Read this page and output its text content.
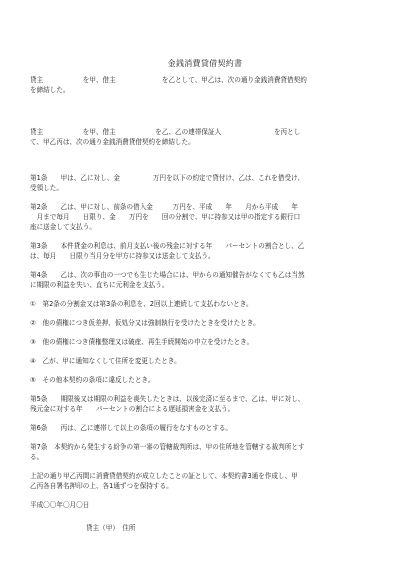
金銭消費貸借契約書
貸主　　　　　　を甲、借主　　　　　　　を乙として、甲乙は、次の通り金銭消費貸借契約
を締結した。
貸主　　　　　　を甲、借主　　　　　　を乙、乙の連帯保証人　　　　　　　　を丙とし
て、甲乙丙は、次の通り金銭消費貸借契約を締結した。
第1条　　甲は、乙に対し、金　　　　　万円を以下の約定で貸付け、乙は、これを借受け、
受領した。
第2条　　乙は、甲に対し、前条の借入金　　　万円を、平成　　年　　月から平成　　年
　月まで毎月　　日限り、金　　万円を　　回の分割で、甲に持参又は甲の指定する銀行口
座に送金して支払う。
第3条　　本件貸金の利息は、前月支払い後の残金に対する年　　パーセントの割合とし、乙
は、毎月　　日限り当月分を甲方に持参又は送金して支払う。
第4条　　乙は、次の事由の一つでも生じた場合には、甲からの通知催告がなくても乙は当然
に期限の利益を失い、直ちに元利金を支払う。
①　第2条の分割金又は第3条の利息を、2回以上連続して支払わないとき。
②　他の債権につき仮差押、仮処分又は強制執行を受けたときを受けたとき。
③　他の債権につき債権整理又は破産、再生手続開始の申立を受けたとき。
④　乙が、甲に通知なくして住所を変更したとき。
⑤　その他本契約の条項に違反したとき。
第5条　　期限後又は期限の利益を喪失したときは、以後完済に至るまで、乙は、甲に対し、
残元金に対する年　　パーセントの割合による遅延損害金を支払う。
第6条　　丙は、乙に連帯して以上の条項の履行をなすものとする。
第7条　本契約から発生する紛争の第一審の管轄裁判所は、甲の住所地を管轄する裁判所とす
る。
上記の通り甲乙丙間に消費貸借契約が成立したことの証として、本契約書3通を作成し、甲
乙丙各自署名押印の上、各1通ずつを保持する。
平成〇〇年〇月〇日
貸主（甲）　住所
